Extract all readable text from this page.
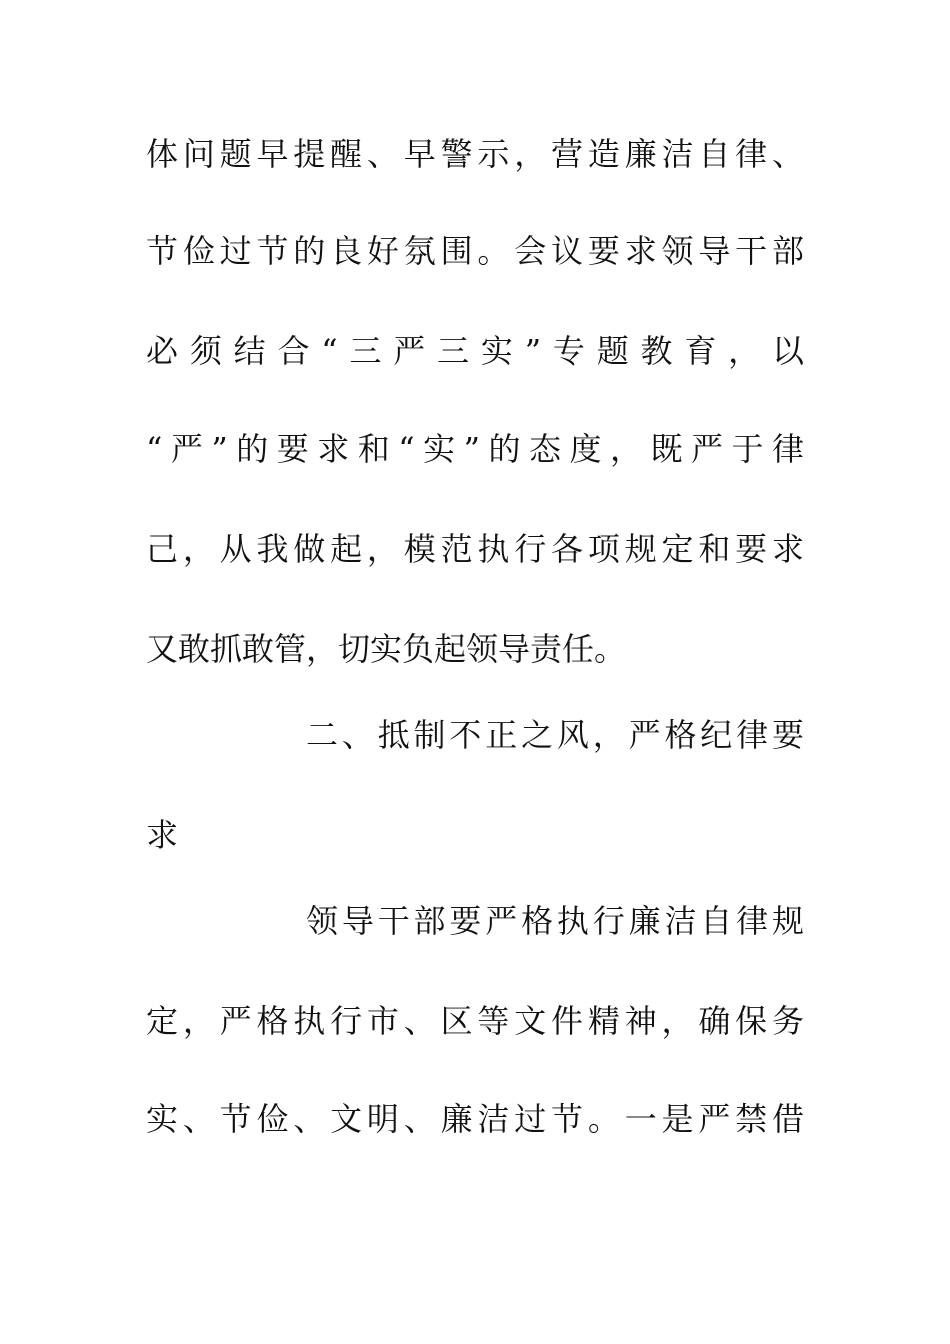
体问题早提醒、早警示，营造廉洁自律、
节俭过节的良好氛围。会议要求领导干部
必须结合“三严三实”专题教育，以
“严”的要求和“实”的态度，既严于律
己，从我做起，模范执行各项规定和要求
又敢抓敢管，切实负起领导责任。
二、抵制不正之风，严格纪律要
求
领导干部要严格执行廉洁自律规
定，严格执行市、区等文件精神，确保务
实、节俭、文明、廉洁过节。一是严禁借
